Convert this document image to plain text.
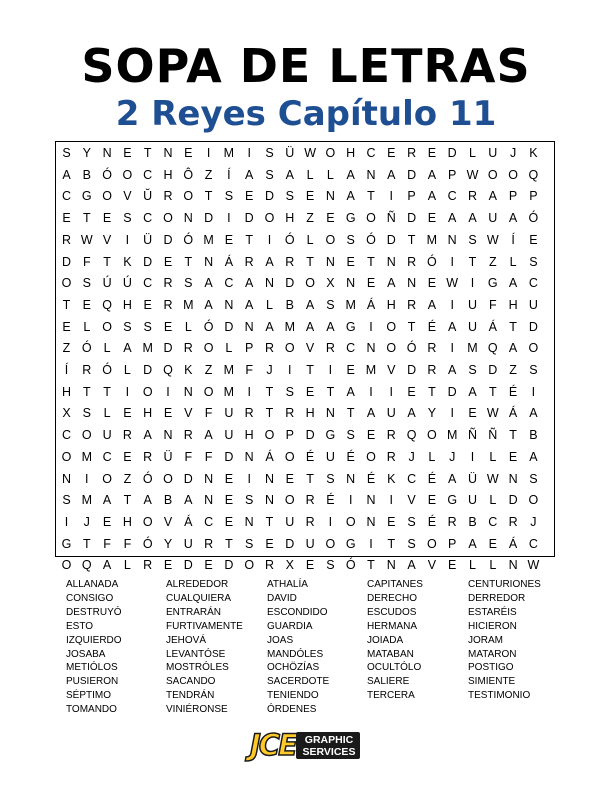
SOPA DE LETRAS
2 Reyes Capítulo 11
S Y N E T N E	I	M	I	S Ü W O H C E R E D L U	J	K
A B Ó O C H Ô Z	Í	A S A	L	L	A N A D A P W O O Q
C G O V Ŭ R O T S E D S E N A T	I	P A C R A P P
E T E S C O N D	I	D O H Z E G O Ñ D E A A U A Ó
R W V	I	Ü D Ó M E T	I	Ó L O S Ó D T M N S W	Í	E
D F	T K D E T N Á R A R T N E T N R Ó	I	T	Z	L	S
O S Ú Ú C R S A C A N D O X N E A N E W	I	G A C
T E Q H E R M A N A	L	B A S M Á H R A	I	U F H U
E	L O S S E	L Ó D N A M A A G	I	O T É A U Á T D
Z Ó L	A M D R O L	P R O V R C N O Ó R	I	M Q A O
Í	R Ó L D Q K Z M F	J	I	T	I	E M V D R A S D Z S
H T	T	I	O	I	N O M	I	T S E T A	I	I	E T D A T É	I
X S	L	E H E V F U R T R H N T A U A Y	I	E W Á A
C O U R A N R A U H O P D G S E R Q O M Ñ Ñ T B
O M C E R Ü F	F D N Á O É U É O R	J	L	J	I	L	E A
N	I	O Z Ó O D N E	I	N E T S N É K C É A Ü W N S
S M A T A B A N E S N O R É	I	N	I	V E G U L D O
I	J	E H O V Á C E N T U R	I	O N E S É R B C R	J
G T	F	F Ó Y U R T S E D U O G	I	T S O P A E Á C
O Q A	L R E D E D O R X E S Ó T N A V E	L	L N W
ALLANADA
CONSIGO
DESTRUYÓ
ESTO
IZQUIERDO
JOSABA
METIÓLOS
PUSIERON
SÉPTIMO
TOMANDO
ALREDEDOR
CUALQUIERA
ENTRARÁN
FURTIVAMENTE
JEHOVÁ
LEVANTÓSE
MOSTRÓLES
SACANDO
TENDRÁN
VINIÉRONSE
ATHALÍA
DAVID
ESCONDIDO
GUARDIA
JOAS
MANDÓLES
OCHÖZÍAS
SACERDOTE
TENIENDO
ÓRDENES
CAPITANES
DERECHO
ESCUDOS
HERMANA
JOIADA
MATABAN
OCULTÓLO
SALIERE
TERCERA
CENTURIONES
DERREDOR
ESTARÉIS
HICIERON
JORAM
MATARON
POSTIGO
SIMIENTE
TESTIMONIO
JCE GRAPHIC
SERVICES
